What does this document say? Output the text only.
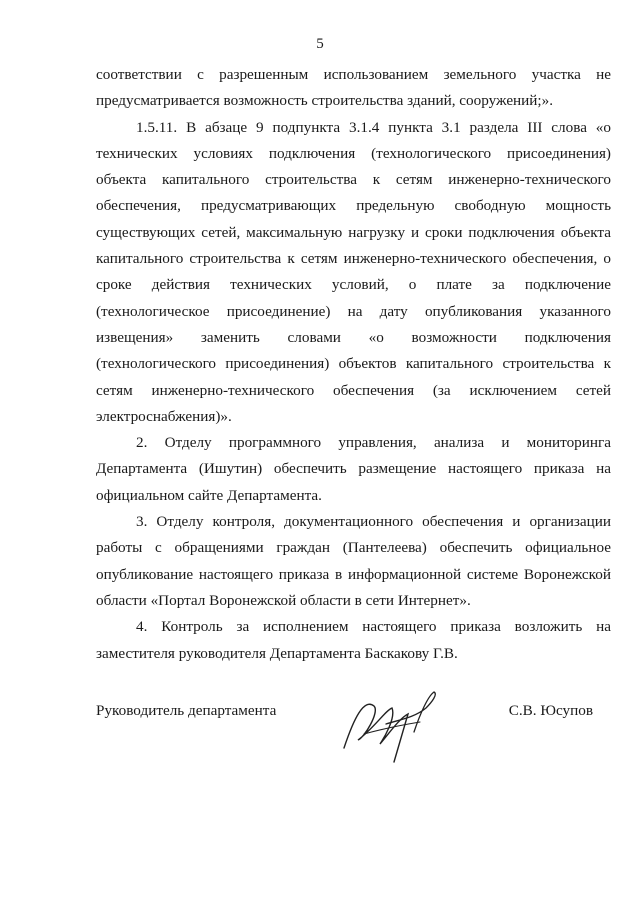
5

соответствии с разрешенным использованием земельного участка не предусматривается возможность строительства зданий, сооружений;».

1.5.11. В абзаце 9 подпункта 3.1.4 пункта 3.1 раздела III слова «о технических условиях подключения (технологического присоединения) объекта капитального строительства к сетям инженерно-технического обеспечения, предусматривающих предельную свободную мощность существующих сетей, максимальную нагрузку и сроки подключения объекта капитального строительства к сетям инженерно-технического обеспечения, о сроке действия технических условий, о плате за подключение (технологическое присоединение) на дату опубликования указанного извещения» заменить словами «о возможности подключения (технологического присоединения) объектов капитального строительства к сетям инженерно-технического обеспечения (за исключением сетей электроснабжения)».

2. Отделу программного управления, анализа и мониторинга Департамента (Ишутин) обеспечить размещение настоящего приказа на официальном сайте Департамента.

3. Отделу контроля, документационного обеспечения и организации работы с обращениями граждан (Пантелеева) обеспечить официальное опубликование настоящего приказа в информационной системе Воронежской области «Портал Воронежской области в сети Интернет».

4. Контроль за исполнением настоящего приказа возложить на заместителя руководителя Департамента Баскакову Г.В.

Руководитель департамента	С.В. Юсупов
